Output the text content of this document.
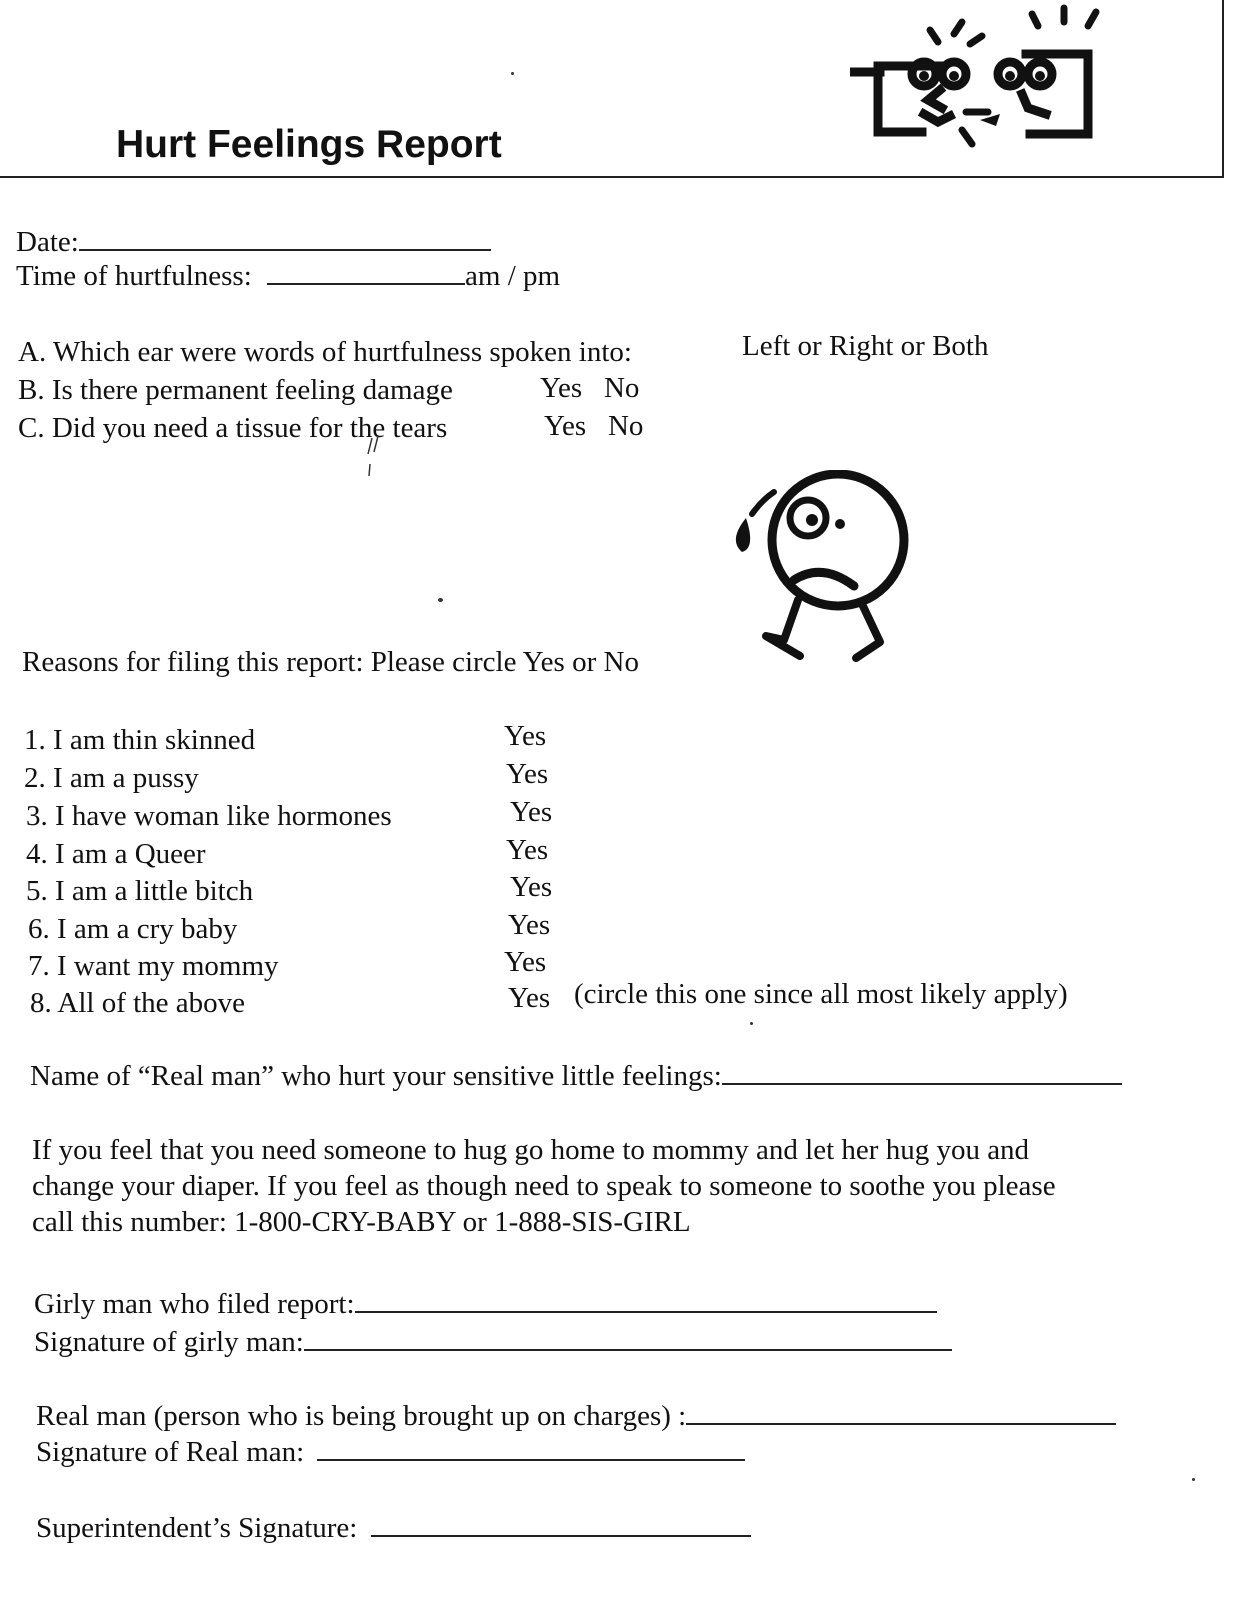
Hurt Feelings Report
Date:
Time of hurtfulness:	am / pm
A. Which ear were words of hurtfulness spoken into:	Left or Right or Both
B. Is there permanent feeling damage	Yes   No
C. Did you need a tissue for the tears	Yes   No
Reasons for filing this report: Please circle Yes or No
1. I am thin skinned	Yes
2. I am a pussy	Yes
3. I have woman like hormones	Yes
4. I am a Queer	Yes
5. I am a little bitch	Yes
6. I am a cry baby	Yes
7. I want my mommy	Yes
8. All of the above	Yes (circle this one since all most likely apply)
Name of “Real man” who hurt your sensitive little feelings:
If you feel that you need someone to hug go home to mommy and let her hug you and
change your diaper. If you feel as though need to speak to someone to soothe you please
call this number: 1-800-CRY-BABY or 1-888-SIS-GIRL
Girly man who filed report:
Signature of girly man:
Real man (person who is being brought up on charges) :
Signature of Real man:
Superintendent’s Signature:
